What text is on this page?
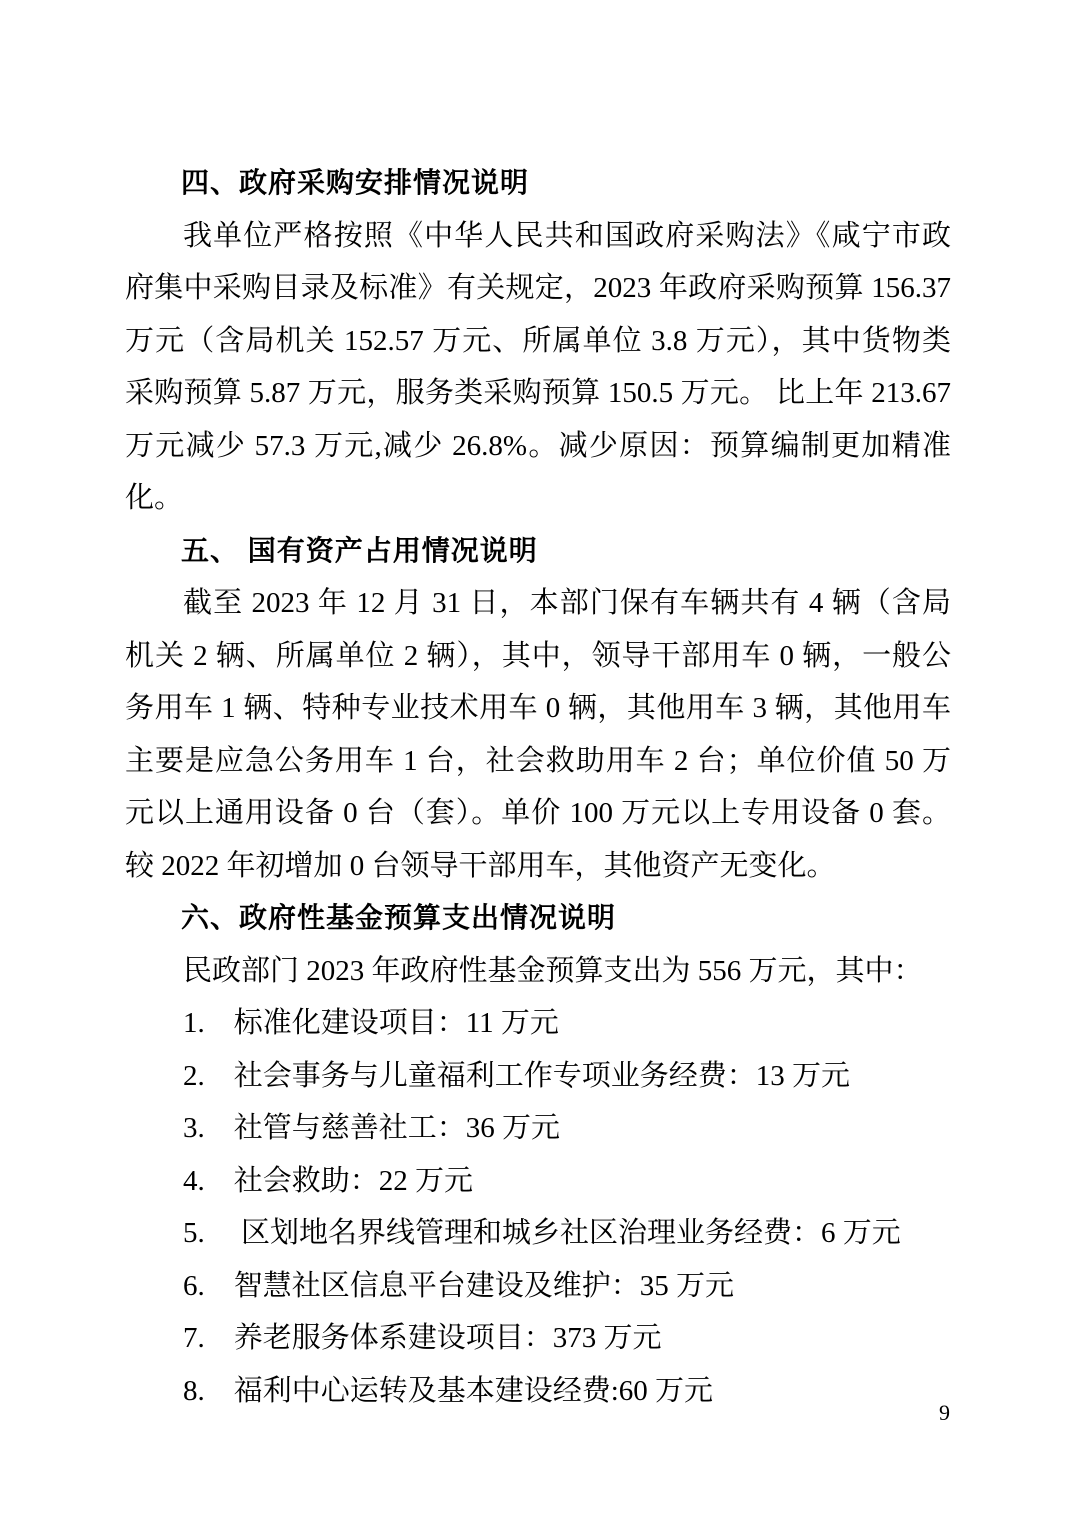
四、政府采购安排情况说明

我单位严格按照《中华人民共和国政府采购法》《咸宁市政府集中采购目录及标准》有关规定，2023 年政府采购预算 156.37 万元（含局机关 152.57 万元、所属单位 3.8 万元），其中货物类采购预算 5.87 万元，服务类采购预算 150.5 万元。 比上年 213.67 万元减少 57.3 万元,减少 26.8%。减少原因：预算编制更加精准化。

五、 国有资产占用情况说明

截至 2023 年 12 月 31 日，本部门保有车辆共有 4 辆（含局机关 2 辆、所属单位 2 辆），其中，领导干部用车 0 辆，一般公务用车 1 辆、特种专业技术用车 0 辆，其他用车 3 辆，其他用车主要是应急公务用车 1 台，社会救助用车 2 台；单位价值 50 万元以上通用设备 0 台（套）。单价 100 万元以上专用设备 0 套。较 2022 年初增加 0 台领导干部用车，其他资产无变化。

六、政府性基金预算支出情况说明

民政部门 2023 年政府性基金预算支出为 556 万元，其中：

1.　标准化建设项目：11 万元

2.　社会事务与儿童福利工作专项业务经费：13 万元

3.　社管与慈善社工：36 万元

4.　社会救助：22 万元

5.　 区划地名界线管理和城乡社区治理业务经费：6 万元

6.　智慧社区信息平台建设及维护：35 万元

7.　养老服务体系建设项目：373 万元

8.　福利中心运转及基本建设经费:60 万元

9
